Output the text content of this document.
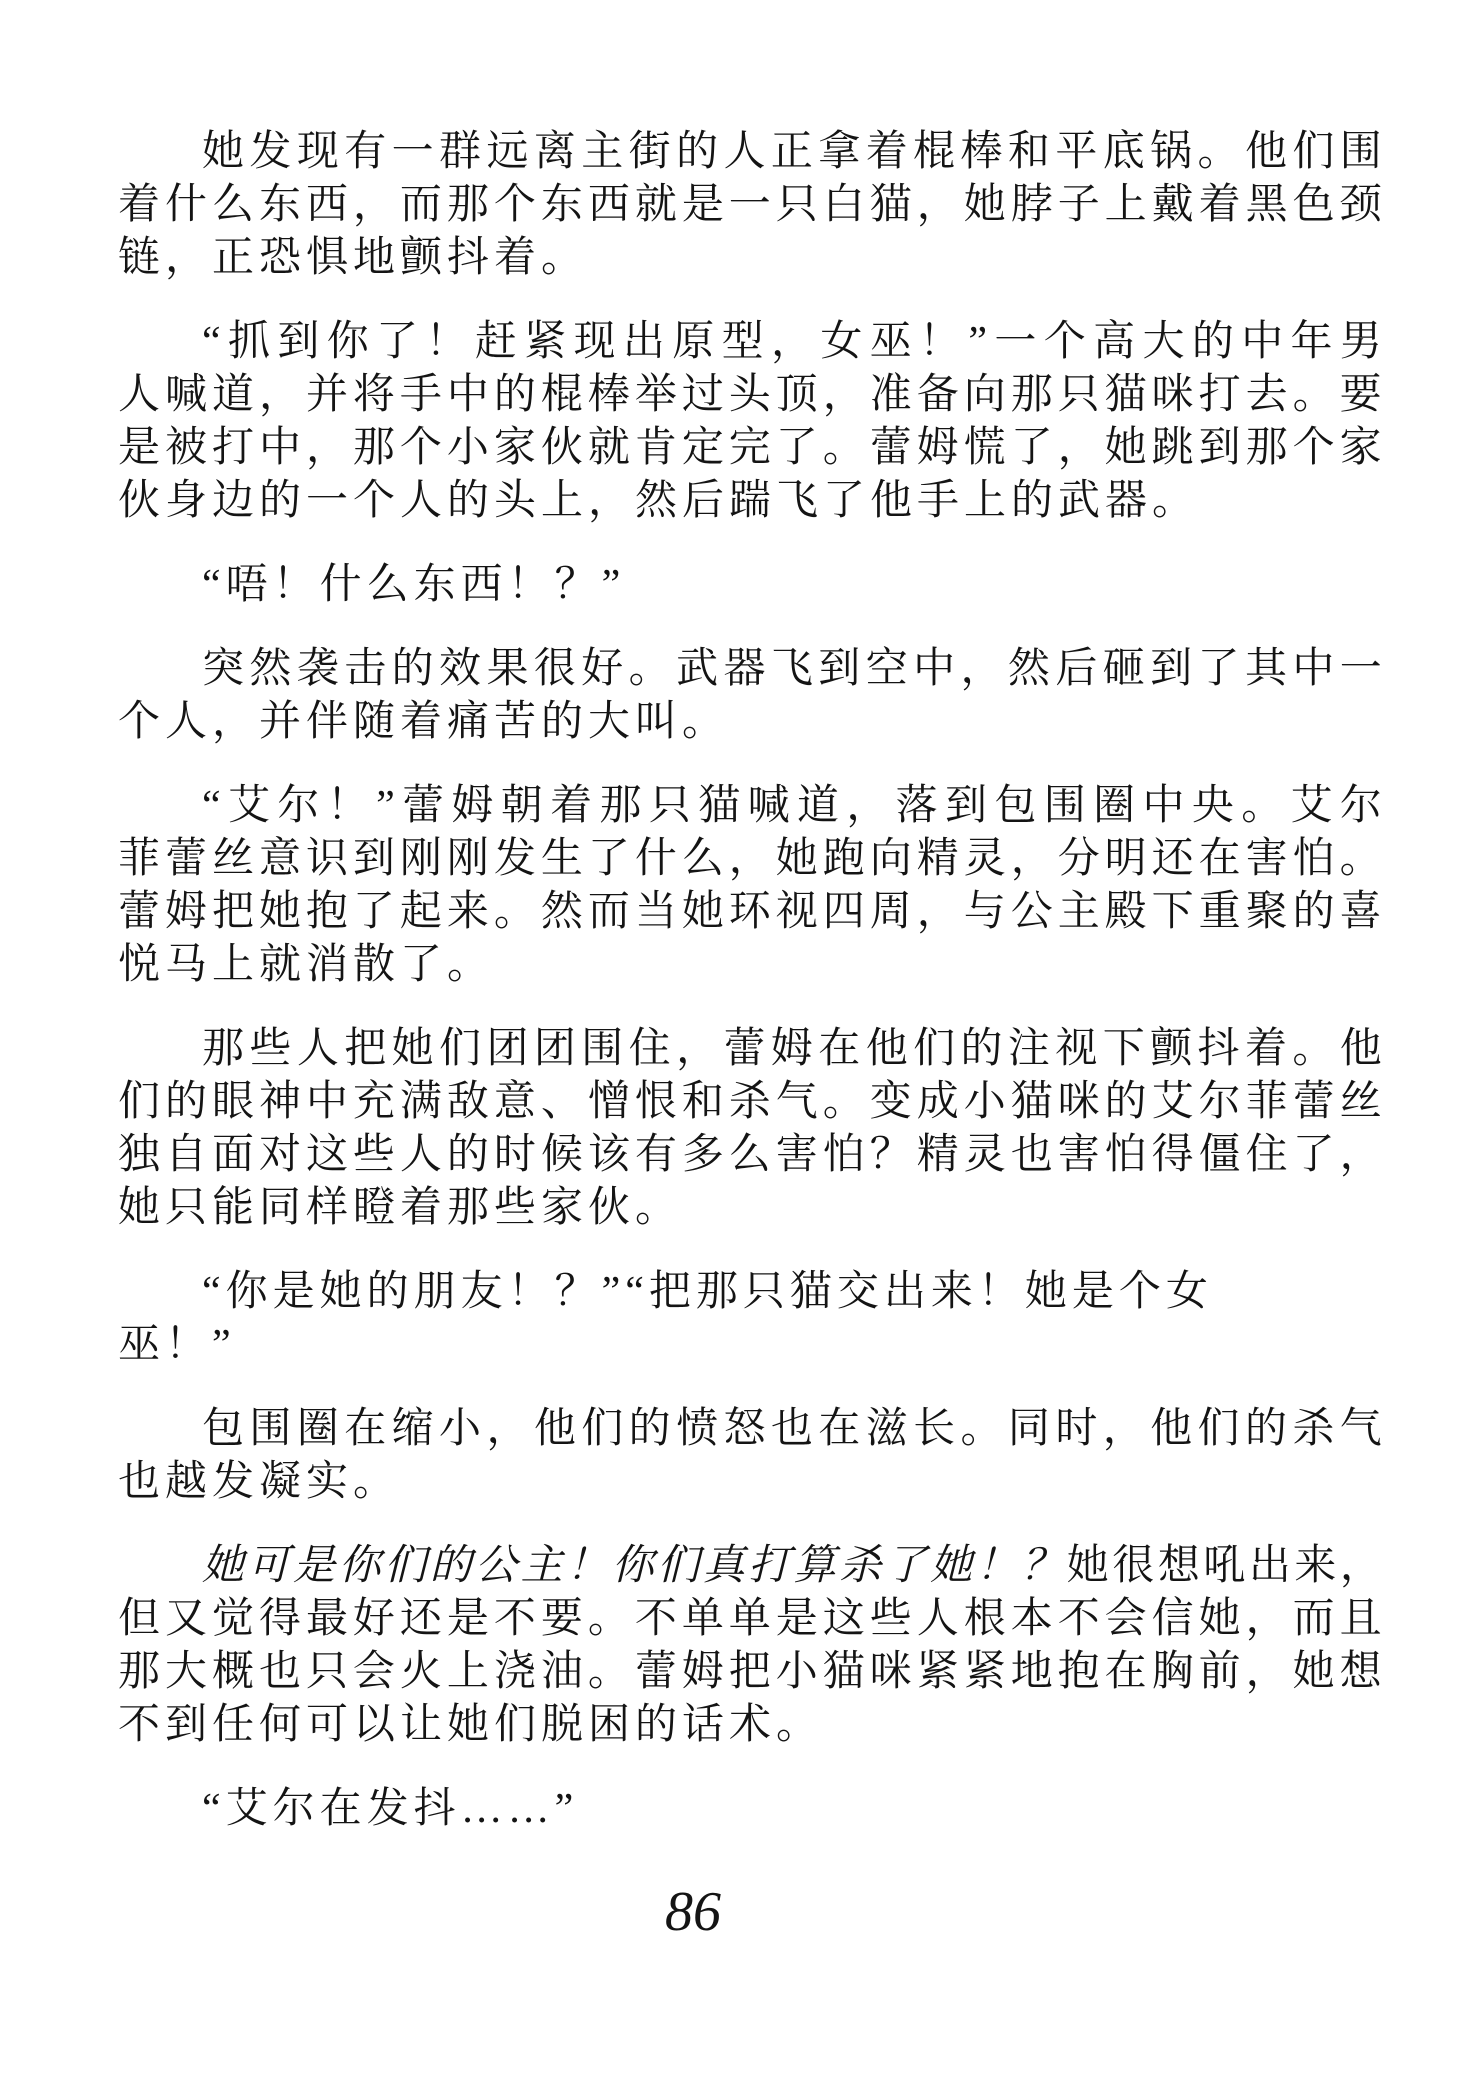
她 发 现 有 一 群 远 离 主 街 的 人 正 拿 着 棍 棒 和 平 底 锅 。 他 们 围
着 什 么 东 西 ， 而 那 个 东 西 就 是 一 只 白 猫 ， 她 脖 子 上 戴 着 黑 色 颈
链，正恐惧地颤抖着。

“ 抓 到 你 了 ！ 赶 紧 现 出 原 型 ， 女 巫 ！ ” 一 个 高 大 的 中 年 男
人 喊 道 ， 并 将 手 中 的 棍 棒 举 过 头 顶 ， 准 备 向 那 只 猫 咪 打 去 。 要
是 被 打 中 ， 那 个 小 家 伙 就 肯 定 完 了 。 蕾 姆 慌 了 ， 她 跳 到 那 个 家
伙身边的一个人的头上，然后踹飞了他手上的武器。

“唔！什么东西！？”

突 然 袭 击 的 效 果 很 好 。 武 器 飞 到 空 中 ， 然 后 砸 到 了 其 中 一
个人，并伴随着痛苦的大叫。

“ 艾 尔 ！ ” 蕾 姆 朝 着 那 只 猫 喊 道 ， 落 到 包 围 圈 中 央 。 艾 尔
菲 蕾 丝 意 识 到 刚 刚 发 生 了 什 么 ， 她 跑 向 精 灵 ， 分 明 还 在 害 怕 。
蕾 姆 把 她 抱 了 起 来 。 然 而 当 她 环 视 四 周 ， 与 公 主 殿 下 重 聚 的 喜
悦马上就消散了。

那 些 人 把 她 们 团 团 围 住 ， 蕾 姆 在 他 们 的 注 视 下 颤 抖 着 。 他
们 的 眼 神 中 充 满 敌 意 、 憎 恨 和 杀 气 。 变 成 小 猫 咪 的 艾 尔 菲 蕾 丝
独 自 面 对 这 些 人 的 时 候 该 有 多 么 害 怕 ？ 精 灵 也 害 怕 得 僵 住 了 ，
她只能同样瞪着那些家伙。

“你是她的朋友！？”“把那只猫交出来！她是个女
巫！”

包 围 圈 在 缩 小 ， 他 们 的 愤 怒 也 在 滋 长 。 同 时 ， 他 们 的 杀 气
也越发凝实。

她 可 是 你 们 的 公 主 ！ 你 们 真 打 算 杀 了 她 ！ ？ 她 很 想 吼 出 来 ，
但 又 觉 得 最 好 还 是 不 要 。 不 单 单 是 这 些 人 根 本 不 会 信 她 ， 而 且
那 大 概 也 只 会 火 上 浇 油 。 蕾 姆 把 小 猫 咪 紧 紧 地 抱 在 胸 前 ， 她 想
不到任何可以让她们脱困的话术。

“艾尔在发抖……”

86
